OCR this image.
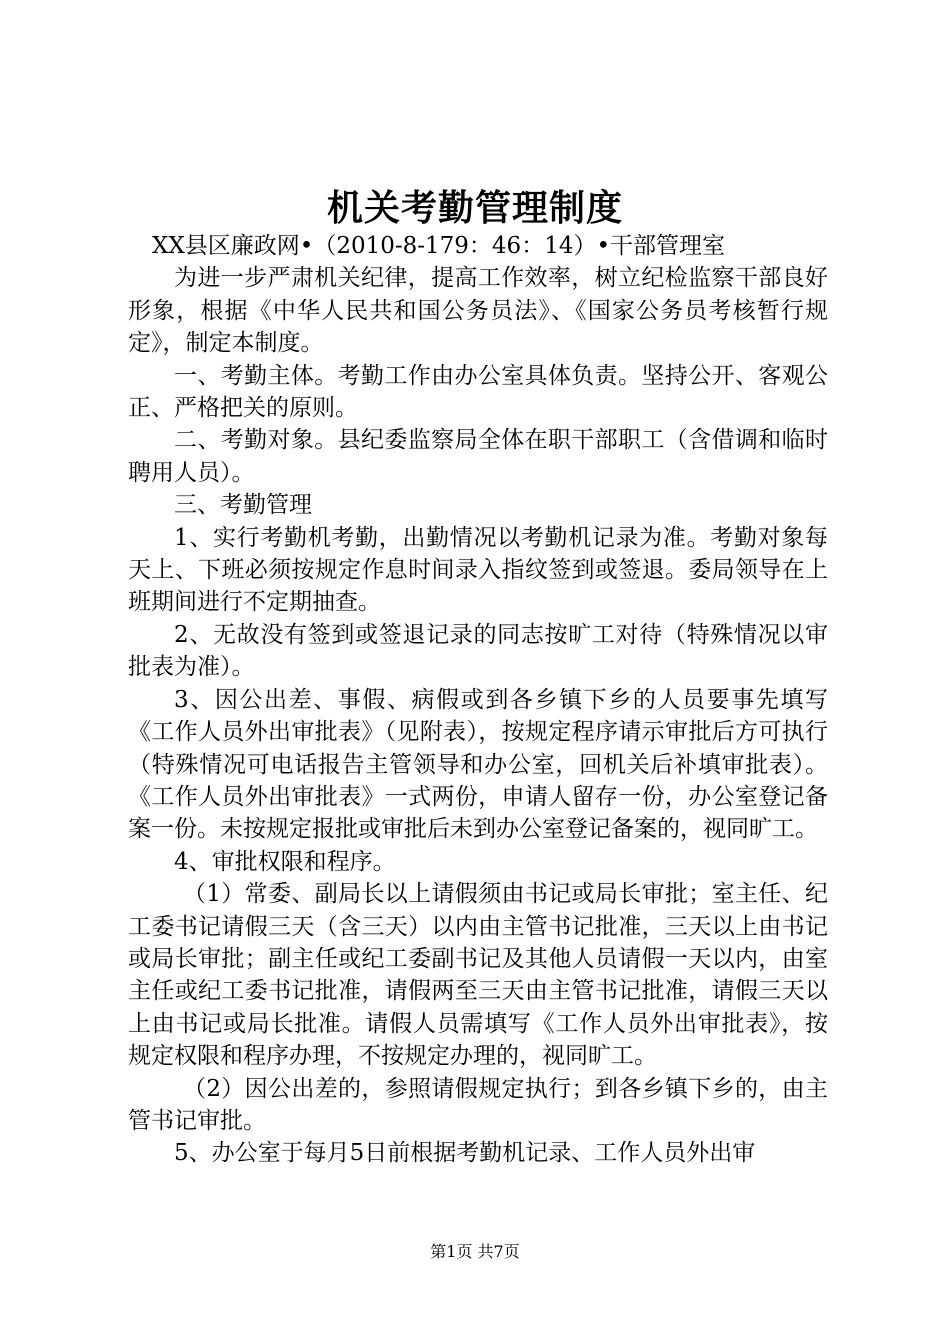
机关考勤管理制度

XX县区廉政网•（2010-8-179：46：14）•干部管理室

为进一步严肃机关纪律，提高工作效率，树立纪检监察干部良好形象，根据《中华人民共和国公务员法》、《国家公务员考核暂行规定》，制定本制度。

一、考勤主体。考勤工作由办公室具体负责。坚持公开、客观公正、严格把关的原则。

二、考勤对象。县纪委监察局全体在职干部职工（含借调和临时聘用人员）。

三、考勤管理

1、实行考勤机考勤，出勤情况以考勤机记录为准。考勤对象每天上、下班必须按规定作息时间录入指纹签到或签退。委局领导在上班期间进行不定期抽查。

2、无故没有签到或签退记录的同志按旷工对待（特殊情况以审批表为准）。

3、因公出差、事假、病假或到各乡镇下乡的人员要事先填写《工作人员外出审批表》（见附表），按规定程序请示审批后方可执行（特殊情况可电话报告主管领导和办公室，回机关后补填审批表）。《工作人员外出审批表》一式两份，申请人留存一份，办公室登记备案一份。未按规定报批或审批后未到办公室登记备案的，视同旷工。

4、审批权限和程序。

（1）常委、副局长以上请假须由书记或局长审批；室主任、纪工委书记请假三天（含三天）以内由主管书记批准，三天以上由书记或局长审批；副主任或纪工委副书记及其他人员请假一天以内，由室主任或纪工委书记批准，请假两至三天由主管书记批准，请假三天以上由书记或局长批准。请假人员需填写《工作人员外出审批表》，按规定权限和程序办理，不按规定办理的，视同旷工。

（2）因公出差的，参照请假规定执行；到各乡镇下乡的，由主管书记审批。

5、办公室于每月5日前根据考勤机记录、工作人员外出审

第1页 共7页
